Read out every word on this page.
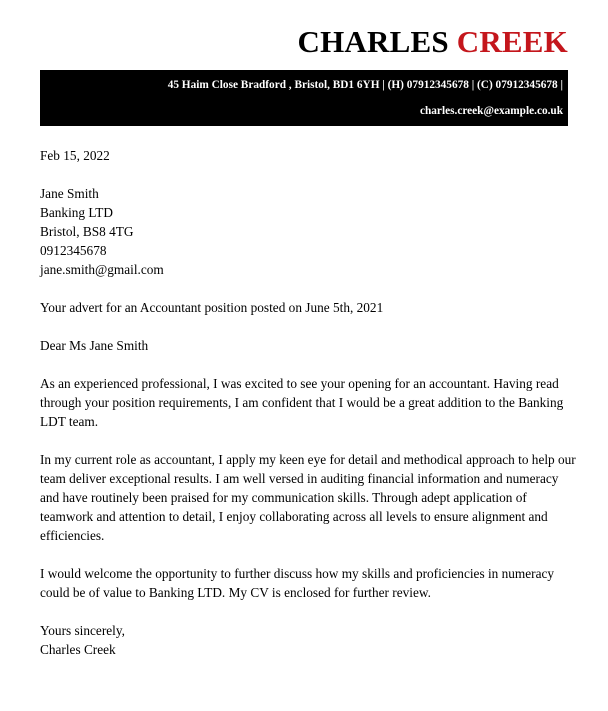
CHARLES CREEK
45 Haim Close Bradford , Bristol, BD1 6YH | (H) 07912345678 | (C) 07912345678 |
charles.creek@example.co.uk

Feb 15, 2022

Jane Smith
Banking LTD
Bristol, BS8 4TG
0912345678
jane.smith@gmail.com

Your advert for an Accountant position posted on June 5th, 2021

Dear Ms Jane Smith

As an experienced professional, I was excited to see your opening for an accountant. Having read through your position requirements, I am confident that I would be a great addition to the Banking LDT team.

In my current role as accountant, I apply my keen eye for detail and methodical approach to help our team deliver exceptional results. I am well versed in auditing financial information and numeracy and have routinely been praised for my communication skills. Through adept application of teamwork and attention to detail, I enjoy collaborating across all levels to ensure alignment and efficiencies.

I would welcome the opportunity to further discuss how my skills and proficiencies in numeracy could be of value to Banking LTD. My CV is enclosed for further review.

Yours sincerely,
Charles Creek
